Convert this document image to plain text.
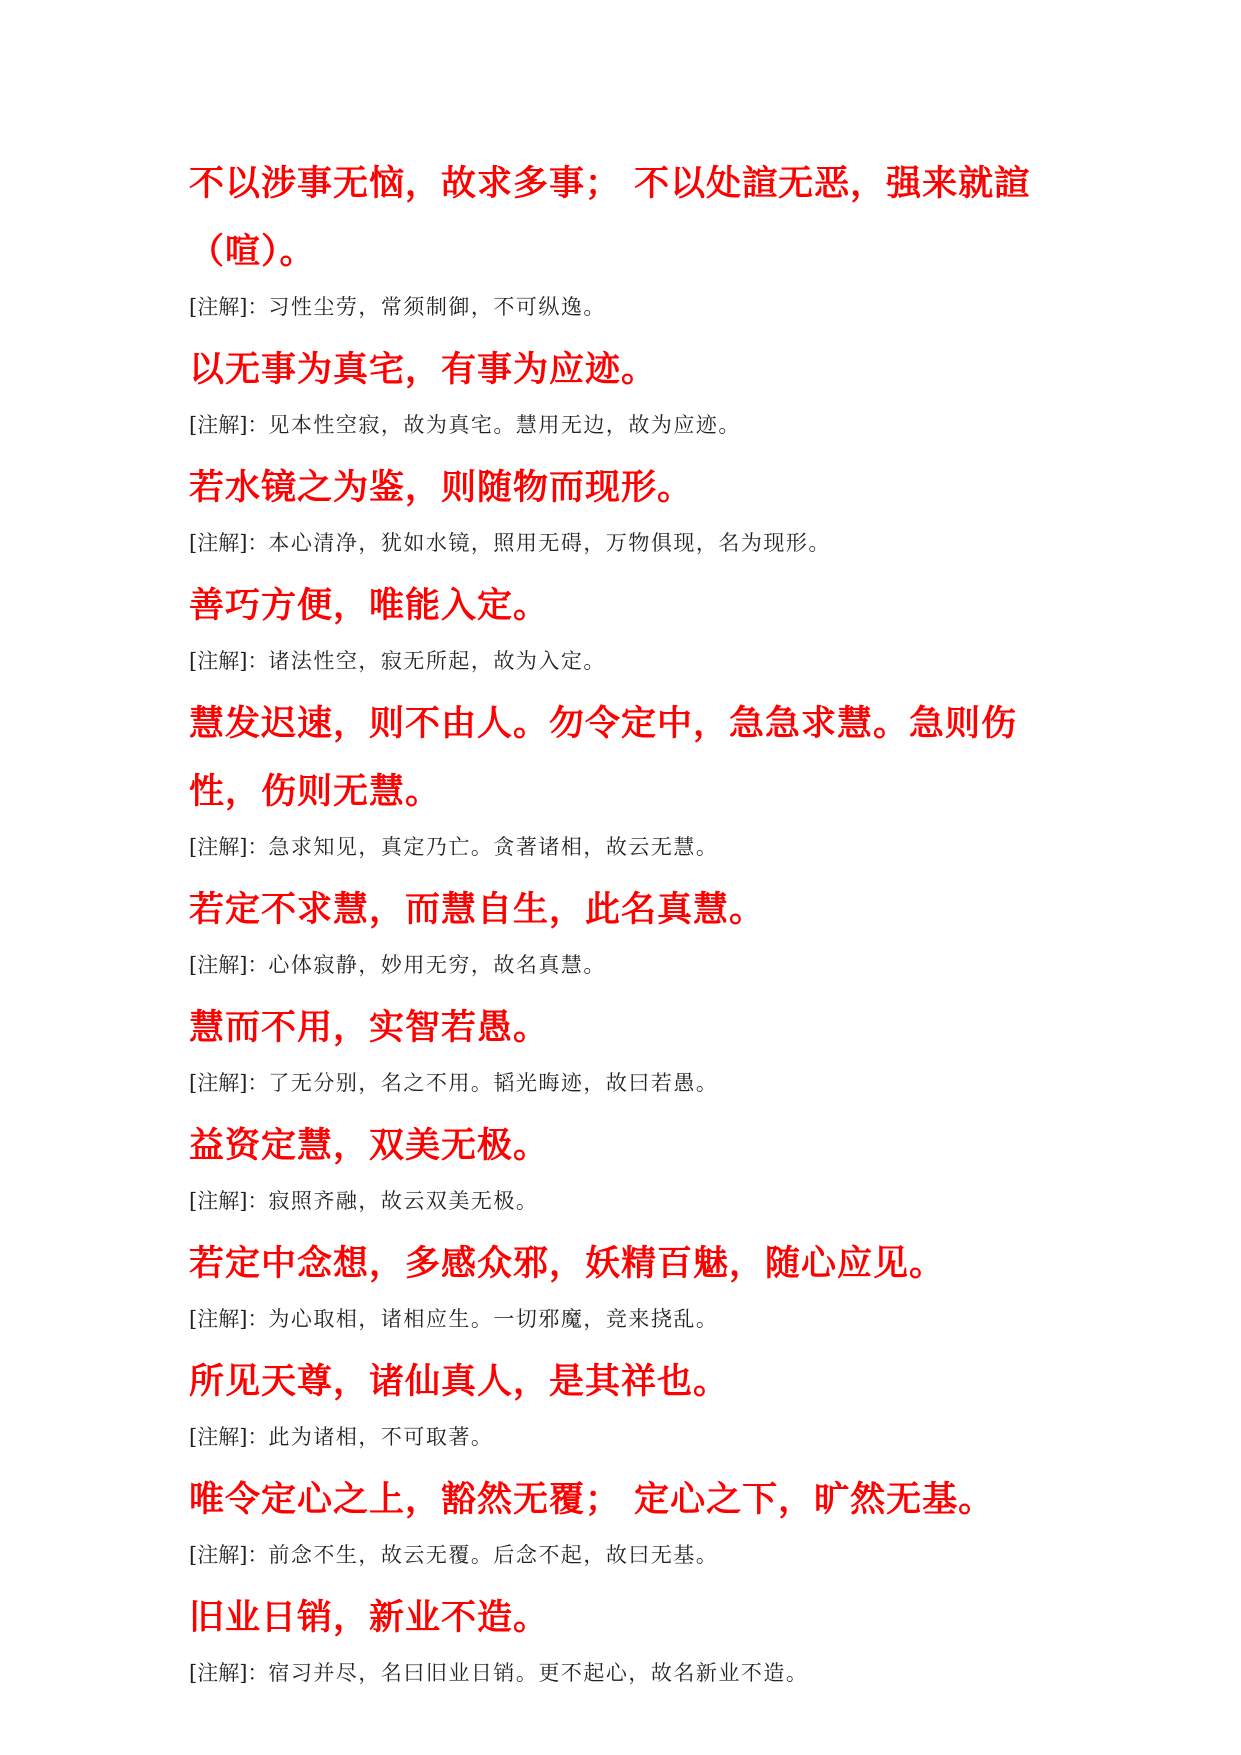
不以涉事无恼，故求多事； 不以处諠无恶，强来就諠（喧）。

[注解]：习性尘劳，常须制御，不可纵逸。

以无事为真宅，有事为应迹。

[注解]：见本性空寂，故为真宅。慧用无边，故为应迹。

若水镜之为鉴，则随物而现形。

[注解]：本心清净，犹如水镜，照用无碍，万物俱现，名为现形。

善巧方便，唯能入定。

[注解]：诸法性空，寂无所起，故为入定。

慧发迟速，则不由人。勿令定中，急急求慧。急则伤性，伤则无慧。

[注解]：急求知见，真定乃亡。贪著诸相，故云无慧。

若定不求慧，而慧自生，此名真慧。

[注解]：心体寂静，妙用无穷，故名真慧。

慧而不用，实智若愚。

[注解]：了无分别，名之不用。韬光晦迹，故曰若愚。

益资定慧，双美无极。

[注解]：寂照齐融，故云双美无极。

若定中念想，多感众邪，妖精百魅，随心应见。

[注解]：为心取相，诸相应生。一切邪魔，竞来挠乱。

所见天尊，诸仙真人，是其祥也。

[注解]：此为诸相，不可取著。

唯令定心之上，豁然无覆； 定心之下，旷然无基。

[注解]：前念不生，故云无覆。后念不起，故曰无基。

旧业日销，新业不造。

[注解]：宿习并尽，名曰旧业日销。更不起心，故名新业不造。
